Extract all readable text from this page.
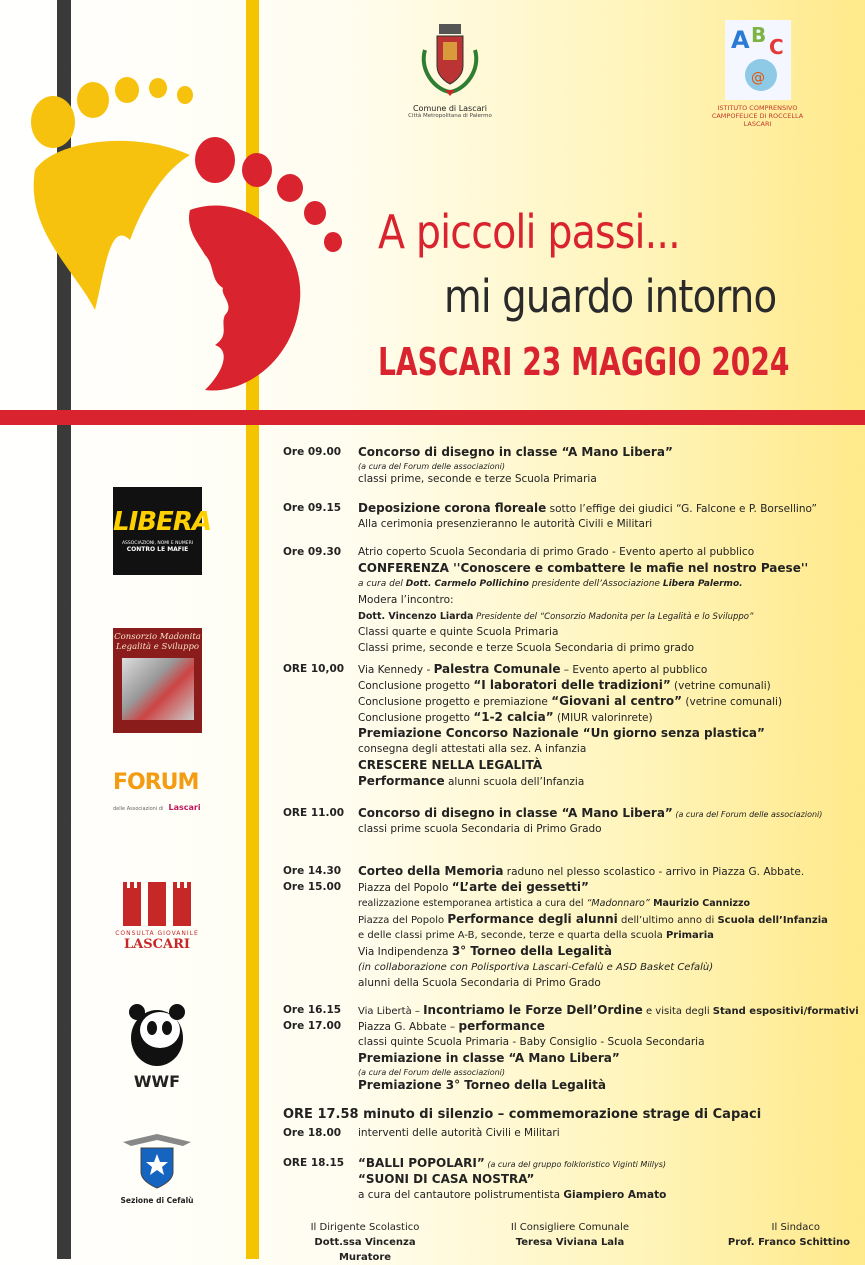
Comune di Lascari
Città Metropolitana di Palermo
A B C
@
ISTITUTO COMPRENSIVO
CAMPOFELICE DI ROCCELLA
LASCARI
A piccoli passi...
mi guardo intorno
LASCARI 23 MAGGIO 2024
LIBERA
ASSOCIAZIONI, NOMI E NUMERI
CONTRO LE MAFIE
Consorzio Madonita
Legalità e Sviluppo
FORUM
delle Associazioni di Lascari
CONSULTA GIOVANILE
LASCARI
WWF
Sezione di Cefalù
Ore 09.00 Concorso di disegno in classe “A Mano Libera”
(a cura del Forum delle associazioni)
classi prime, seconde e terze Scuola Primaria
Ore 09.15 Deposizione corona floreale sotto l’effige dei giudici “G. Falcone e P. Borsellino”
Alla cerimonia presenzieranno le autorità Civili e Militari
Ore 09.30 Atrio coperto Scuola Secondaria di primo Grado - Evento aperto al pubblico
CONFERENZA ''Conoscere e combattere le mafie nel nostro Paese''
a cura del Dott. Carmelo Pollichino presidente dell’Associazione Libera Palermo.
Modera l’incontro:
Dott. Vincenzo Liarda Presidente del “Consorzio Madonita per la Legalità e lo Sviluppo”
Classi quarte e quinte Scuola Primaria
Classi prime, seconde e terze Scuola Secondaria di primo grado
ORE 10,00 Via Kennedy - Palestra Comunale – Evento aperto al pubblico
Conclusione progetto “I laboratori delle tradizioni” (vetrine comunali)
Conclusione progetto e premiazione “Giovani al centro” (vetrine comunali)
Conclusione progetto “1-2 calcia” (MIUR valorinrete)
Premiazione Concorso Nazionale “Un giorno senza plastica”
consegna degli attestati alla sez. A infanzia
CRESCERE NELLA LEGALITÀ
Performance alunni scuola dell’Infanzia
ORE 11.00 Concorso di disegno in classe “A Mano Libera” (a cura del Forum delle associazioni)
classi prime scuola Secondaria di Primo Grado
Ore 14.30
Ore 15.00
Corteo della Memoria raduno nel plesso scolastico - arrivo in Piazza G. Abbate.
Piazza del Popolo “L’arte dei gessetti”
realizzazione estemporanea artistica a cura del “Madonnaro” Maurizio Cannizzo
Piazza del Popolo Performance degli alunni dell’ultimo anno di Scuola dell’Infanzia
e delle classi prime A-B, seconde, terze e quarta della scuola Primaria
Via Indipendenza 3° Torneo della Legalità
(in collaborazione con Polisportiva Lascari-Cefalù e ASD Basket Cefalù)
alunni della Scuola Secondaria di Primo Grado
Ore 16.15
Ore 17.00
Via Libertà – Incontriamo le Forze Dell’Ordine e visita degli Stand espositivi/formativi
Piazza G. Abbate – performance
classi quinte Scuola Primaria - Baby Consiglio - Scuola Secondaria
Premiazione in classe “A Mano Libera”
(a cura del Forum delle associazioni)
Premiazione 3° Torneo della Legalità
ORE 17.58 minuto di silenzio – commemorazione strage di Capaci
Ore 18.00 interventi delle autorità Civili e Militari
ORE 18.15 “BALLI POPOLARI” (a cura del gruppo folkloristico Viginti Millys)
“SUONI DI CASA NOSTRA”
a cura del cantautore polistrumentista Giampiero Amato
Il Dirigente Scolastico
Dott.ssa Vincenza Muratore
Il Consigliere Comunale
Teresa Viviana Lala
Il Sindaco
Prof. Franco Schittino
